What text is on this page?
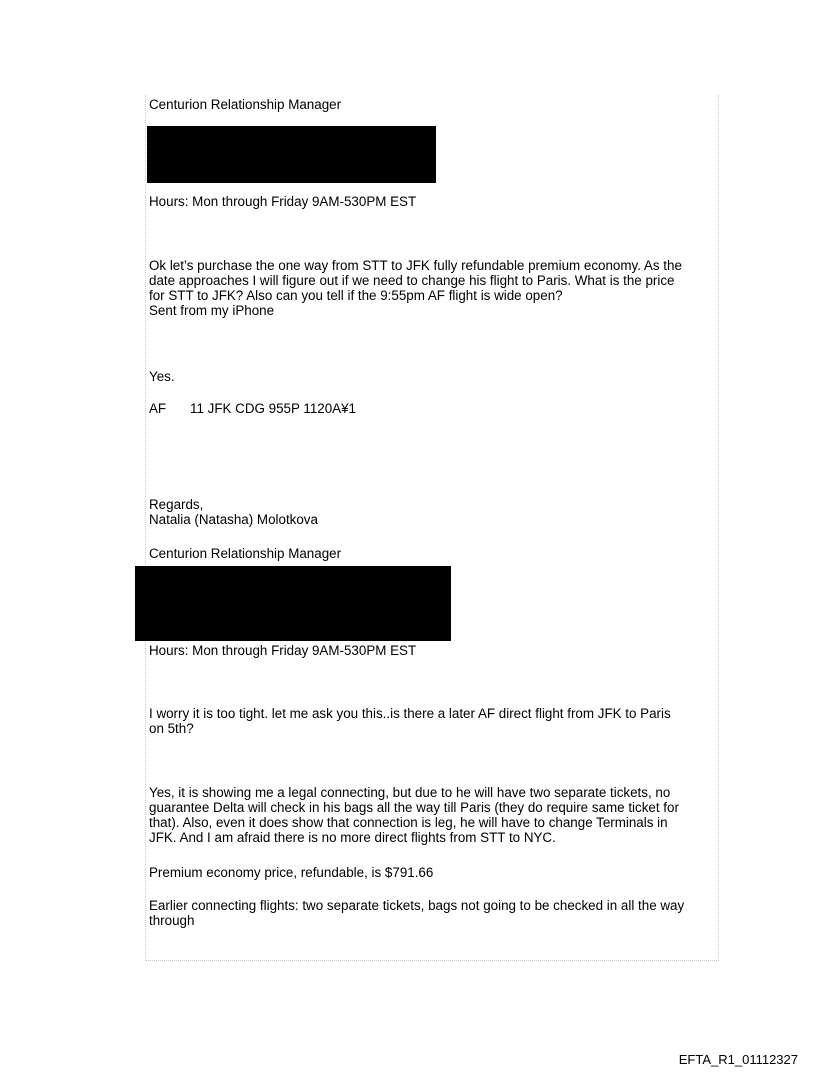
Centurion Relationship Manager
Hours: Mon through Friday 9AM-530PM EST
Ok let’s purchase the one way from STT to JFK fully refundable premium economy. As the
date approaches I will figure out if we need to change his flight to Paris. What is the price
for STT to JFK? Also can you tell if the 9:55pm AF flight is wide open?
Sent from my iPhone
Yes.
AF 11 JFK CDG 955P 1120A¥1
Regards,
Natalia (Natasha) Molotkova
Centurion Relationship Manager
Hours: Mon through Friday 9AM-530PM EST
I worry it is too tight. let me ask you this..is there a later AF direct flight from JFK to Paris
on 5th?
Yes, it is showing me a legal connecting, but due to he will have two separate tickets, no
guarantee Delta will check in his bags all the way till Paris (they do require same ticket for
that). Also, even it does show that connection is leg, he will have to change Terminals in
JFK. And I am afraid there is no more direct flights from STT to NYC.
Premium economy price, refundable, is $791.66
Earlier connecting flights: two separate tickets, bags not going to be checked in all the way
through
EFTA_R1_01112327
